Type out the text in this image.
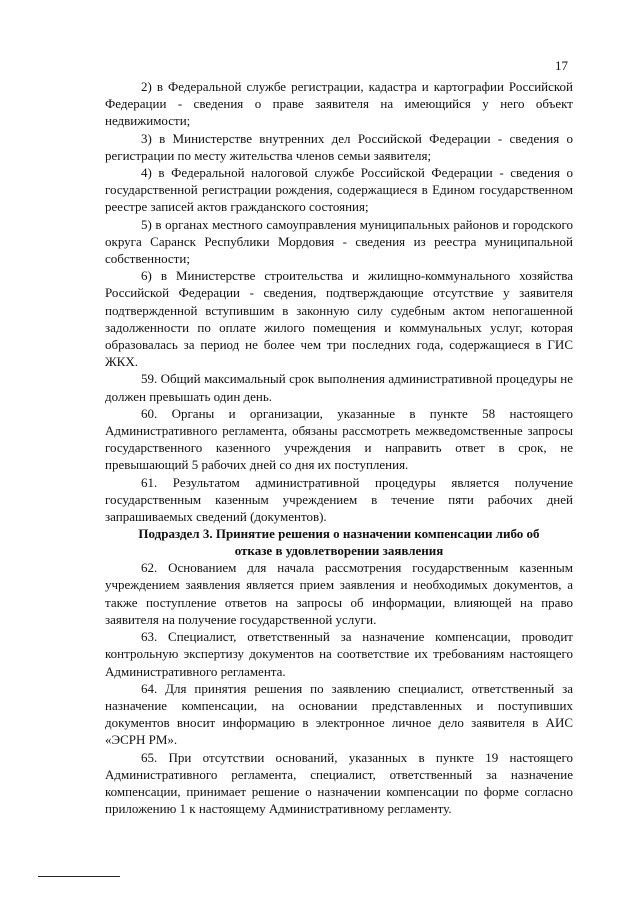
17

2) в Федеральной службе регистрации, кадастра и картографии Российской Федерации - сведения о праве заявителя на имеющийся у него объект недвижимости;

3) в Министерстве внутренних дел Российской Федерации - сведения о регистрации по месту жительства членов семьи заявителя;

4) в Федеральной налоговой службе Российской Федерации - сведения о государственной регистрации рождения, содержащиеся в Едином государственном реестре записей актов гражданского состояния;

5) в органах местного самоуправления муниципальных районов и городского округа Саранск Республики Мордовия - сведения из реестра муниципальной собственности;

6) в Министерстве строительства и жилищно-коммунального хозяйства Российской Федерации - сведения, подтверждающие отсутствие у заявителя подтвержденной вступившим в законную силу судебным актом непогашенной задолженности по оплате жилого помещения и коммунальных услуг, которая образовалась за период не более чем три последних года, содержащиеся в ГИС ЖКХ.

59. Общий максимальный срок выполнения административной процедуры не должен превышать один день.

60. Органы и организации, указанные в пункте 58 настоящего Административного регламента, обязаны рассмотреть межведомственные запросы государственного казенного учреждения и направить ответ в срок, не превышающий 5 рабочих дней со дня их поступления.

61. Результатом административной процедуры является получение государственным казенным учреждением в течение пяти рабочих дней запрашиваемых сведений (документов).

Подраздел 3. Принятие решения о назначении компенсации либо об отказе в удовлетворении заявления

62. Основанием для начала рассмотрения государственным казенным учреждением заявления является прием заявления и необходимых документов, а также поступление ответов на запросы об информации, влияющей на право заявителя на получение государственной услуги.

63. Специалист, ответственный за назначение компенсации, проводит контрольную экспертизу документов на соответствие их требованиям настоящего Административного регламента.

64. Для принятия решения по заявлению специалист, ответственный за назначение компенсации, на основании представленных и поступивших документов вносит информацию в электронное личное дело заявителя в АИС «ЭСРН РМ».

65. При отсутствии оснований, указанных в пункте 19 настоящего Административного регламента, специалист, ответственный за назначение компенсации, принимает решение о назначении компенсации по форме согласно приложению 1 к настоящему Административному регламенту.
